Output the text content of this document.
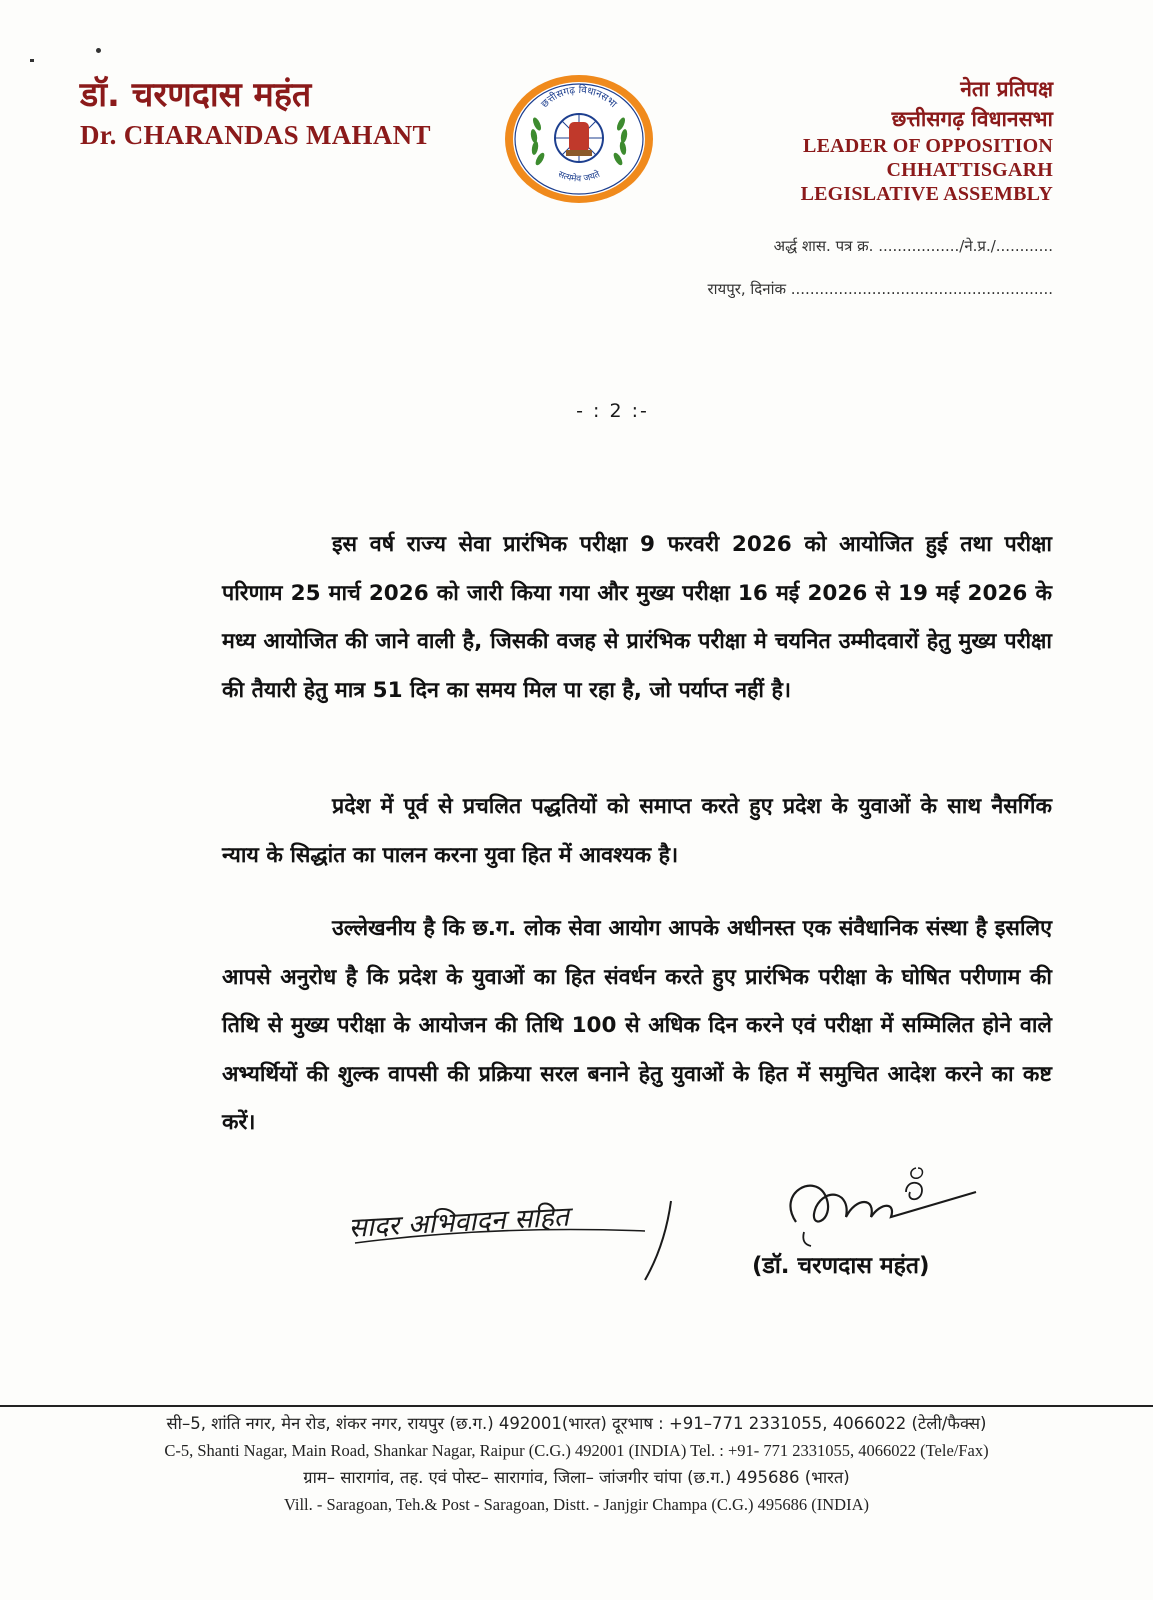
डॉ. चरणदास महंत
Dr. CHARANDAS MAHANT
छत्तीसगढ़ विधानसभा
सत्यमेव जयते
नेता प्रतिपक्ष
छत्तीसगढ़ विधानसभा
LEADER OF OPPOSITION
CHHATTISGARH
LEGISLATIVE ASSEMBLY
अर्द्ध शास. पत्र क्र. ................./ने.प्र./............
रायपुर, दिनांक .......................................................
- : 2 :-

इस वर्ष राज्य सेवा प्रारंभिक परीक्षा 9 फरवरी 2026 को आयोजित हुई तथा परीक्षा परिणाम 25 मार्च 2026 को जारी किया गया और मुख्य परीक्षा 16 मई 2026 से 19 मई 2026 के मध्य आयोजित की जाने वाली है, जिसकी वजह से प्रारंभिक परीक्षा मे चयनित उम्मीदवारों हेतु मुख्य परीक्षा की तैयारी हेतु मात्र 51 दिन का समय मिल पा रहा है, जो पर्याप्त नहीं है।

प्रदेश में पूर्व से प्रचलित पद्धतियों को समाप्त करते हुए प्रदेश के युवाओं के साथ नैसर्गिक न्याय के सिद्धांत का पालन करना युवा हित में आवश्यक है।

उल्लेखनीय है कि छ.ग. लोक सेवा आयोग आपके अधीनस्त एक संवैधानिक संस्था है इसलिए आपसे अनुरोध है कि प्रदेश के युवाओं का हित संवर्धन करते हुए प्रारंभिक परीक्षा के घोषित परीणाम की तिथि से मुख्य परीक्षा के आयोजन की तिथि 100 से अधिक दिन करने एवं परीक्षा में सम्मिलित होने वाले अभ्यर्थियों की शुल्क वापसी की प्रक्रिया सरल बनाने हेतु युवाओं के हित में समुचित आदेश करने का कष्ट करें।

सादर अभिवादन सहित
(डॉ. चरणदास महंत)
सी–5, शांति नगर, मेन रोड, शंकर नगर, रायपुर (छ.ग.) 492001(भारत) दूरभाष : +91–771 2331055, 4066022 (टेली/फैक्स)
C-5, Shanti Nagar, Main Road, Shankar Nagar, Raipur (C.G.) 492001 (INDIA) Tel. : +91- 771 2331055, 4066022 (Tele/Fax)
ग्राम– सारागांव, तह. एवं पोस्ट– सारागांव, जिला– जांजगीर चांपा (छ.ग.) 495686 (भारत)
Vill. - Saragoan, Teh.& Post - Saragoan, Distt. - Janjgir Champa (C.G.) 495686 (INDIA)
